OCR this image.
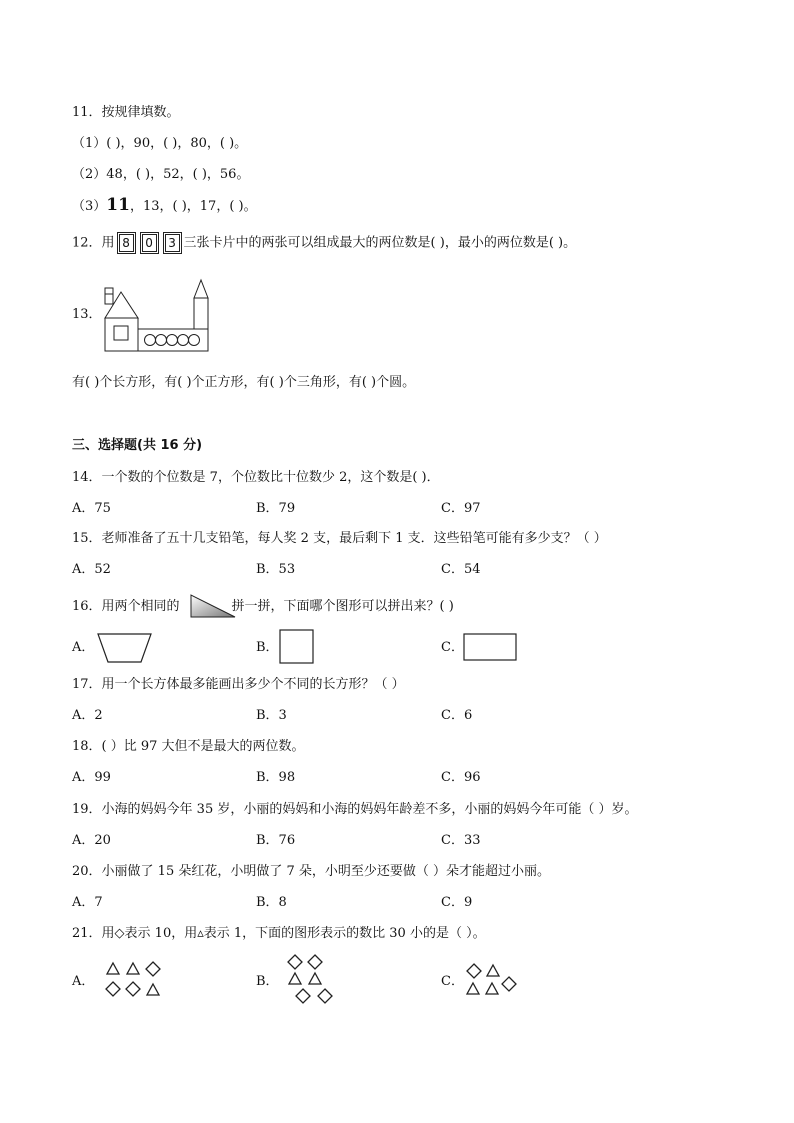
11．按规律填数。
（1）( )，90，( )，80，( )。
（2）48，( )，52，( )，56。
（3）11，13，( )，17，( )。
12．用 8 0 3 三张卡片中的两张可以组成最大的两位数是( )，最小的两位数是( )。
13．
有( )个长方形，有( )个正方形，有( )个三角形，有( )个圆。
三、选择题(共 16 分)
14．一个数的个位数是 7，个位数比十位数少 2，这个数是( )．
A．75	B．79	C．97
15．老师准备了五十几支铅笔，每人奖 2 支，最后剩下 1 支．这些铅笔可能有多少支？（ ）
A．52	B．53	C．54
16．用两个相同的	拼一拼，下面哪个图形可以拼出来？( )
A．	B．	C．
17．用一个长方体最多能画出多少个不同的长方形？（ ）
A．2	B．3	C．6
18．( ）比 97 大但不是最大的两位数。
A．99	B．98	C．96
19．小海的妈妈今年 35 岁，小丽的妈妈和小海的妈妈年龄差不多，小丽的妈妈今年可能（ ）岁。
A．20	B．76	C．33
20．小丽做了 15 朵红花，小明做了 7 朵，小明至少还要做（ ）朵才能超过小丽。
A．7	B．8	C．9
21．用◇表示 10，用▵表示 1，下面的图形表示的数比 30 小的是（ ）。
A．	B．	C．
